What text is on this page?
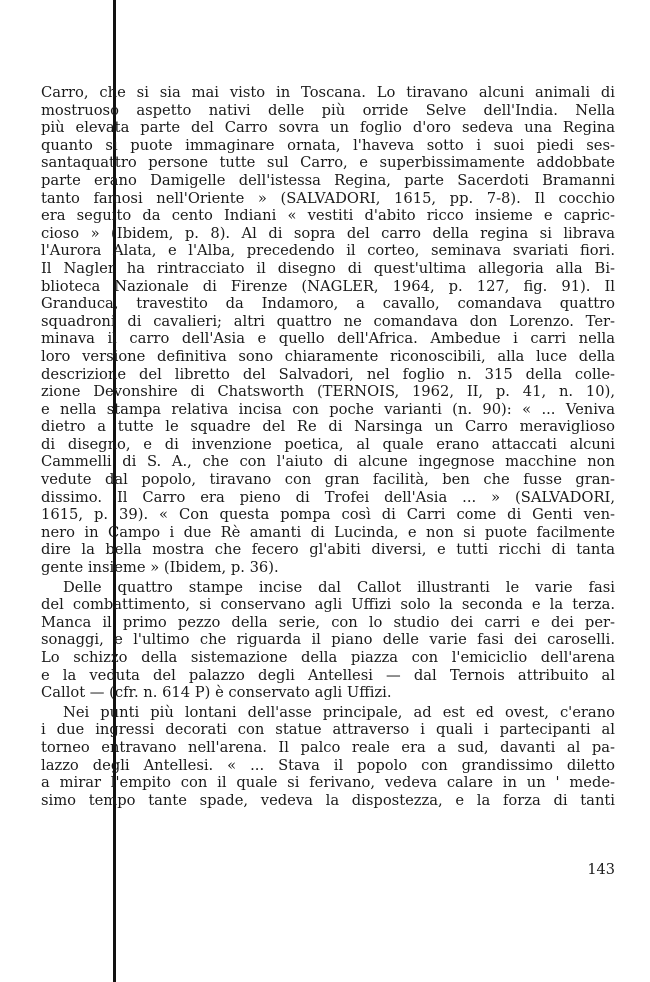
Carro, che si sia mai visto in Toscana. Lo tiravano alcuni animali di
mostruoso aspetto nativi delle più orride Selve dell'India. Nella
più elevata parte del Carro sovra un foglio d'oro sedeva una Regina
quanto si puote immaginare ornata, l'haveva sotto i suoi piedi ses-
santaquattro persone tutte sul Carro, e superbissimamente addobbate
parte erano Damigelle dell'istessa Regina, parte Sacerdoti Bramanni
tanto famosi nell'Oriente » (SALVADORI, 1615, pp. 7-8). Il cocchio
era seguito da cento Indiani « vestiti d'abito ricco insieme e capric-
cioso » (Ibidem, p. 8). Al di sopra del carro della regina si librava
l'Aurora Alata, e l'Alba, precedendo il corteo, seminava svariati fiori.
Il Nagler ha rintracciato il disegno di quest'ultima allegoria alla Bi-
blioteca Nazionale di Firenze (NAGLER, 1964, p. 127, fig. 91). Il
Granduca, travestito da Indamoro, a cavallo, comandava quattro
squadroni di cavalieri; altri quattro ne comandava don Lorenzo. Ter-
minava il carro dell'Asia e quello dell'Africa. Ambedue i carri nella
loro versione definitiva sono chiaramente riconoscibili, alla luce della
descrizione del libretto del Salvadori, nel foglio n. 315 della colle-
zione Devonshire di Chatsworth (TERNOIS, 1962, II, p. 41, n. 10),
e nella stampa relativa incisa con poche varianti (n. 90): « ... Veniva
dietro a tutte le squadre del Re di Narsinga un Carro meraviglioso
di disegno, e di invenzione poetica, al quale erano attaccati alcuni
Cammelli di S. A., che con l'aiuto di alcune ingegnose macchine non
vedute dal popolo, tiravano con gran facilità, ben che fusse gran-
dissimo. Il Carro era pieno di Trofei dell'Asia ... » (SALVADORI,
1615, p. 39). « Con questa pompa così di Carri come di Genti ven-
nero in Campo i due Rè amanti di Lucinda, e non si puote facilmente
dire la bella mostra che fecero gl'abiti diversi, e tutti ricchi di tanta
gente insieme » (Ibidem, p. 36).
Delle quattro stampe incise dal Callot illustranti le varie fasi
del combattimento, si conservano agli Uffizi solo la seconda e la terza.
Manca il primo pezzo della serie, con lo studio dei carri e dei per-
sonaggi, e l'ultimo che riguarda il piano delle varie fasi dei caroselli.
Lo schizzo della sistemazione della piazza con l'emiciclio dell'arena
e la veduta del palazzo degli Antellesi — dal Ternois attribuito al
Callot — (cfr. n. 614 P) è conservato agli Uffizi.
Nei punti più lontani dell'asse principale, ad est ed ovest, c'erano
i due ingressi decorati con statue attraverso i quali i partecipanti al
torneo entravano nell'arena. Il palco reale era a sud, davanti al pa-
lazzo degli Antellesi. « ... Stava il popolo con grandissimo diletto
a mirar l'empito con il quale si ferivano, vedeva calare in un ' mede-
simo tempo tante spade, vedeva la dispostezza, e la forza di tanti
143
